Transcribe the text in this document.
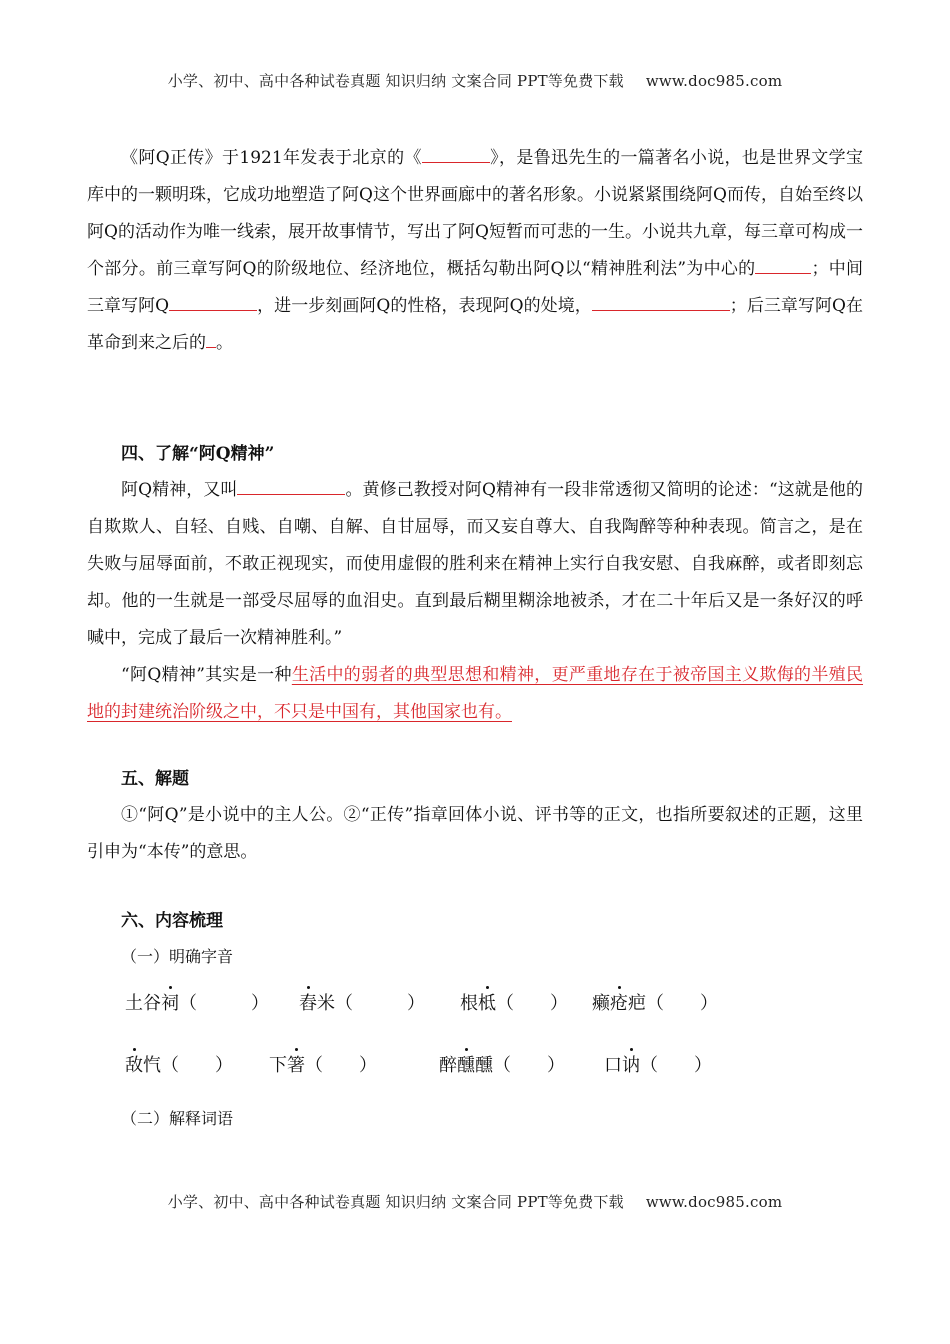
小学、初中、高中各种试卷真题 知识归纳 文案合同 PPT等免费下载 www.doc985.com

《阿Q正传》于1921年发表于北京的《	》，是鲁迅先生的一篇著名小说，也是世界文学宝库中的一颗明珠，它成功地塑造了阿Q这个世界画廊中的著名形象。小说紧紧围绕阿Q而传，自始至终以阿Q的活动作为唯一线索，展开故事情节，写出了阿Q短暂而可悲的一生。小说共九章，每三章可构成一个部分。前三章写阿Q的阶级地位、经济地位，概括勾勒出阿Q以“精神胜利法”为中心的	；中间三章写阿Q	，进一步刻画阿Q的性格，表现阿Q的处境，	；后三章写阿Q在革命到来之后的 。

四、了解“阿Q精神”

阿Q精神，又叫	。黄修己教授对阿Q精神有一段非常透彻又简明的论述：“这就是他的自欺欺人、自轻、自贱、自嘲、自解、自甘屈辱，而又妄自尊大、自我陶醉等种种表现。简言之，是在失败与屈辱面前，不敢正视现实，而使用虚假的胜利来在精神上实行自我安慰、自我麻醉，或者即刻忘却。他的一生就是一部受尽屈辱的血泪史。直到最后糊里糊涂地被杀，才在二十年后又是一条好汉的呼喊中，完成了最后一次精神胜利。”

“阿Q精神”其实是一种生活中的弱者的典型思想和精神，更严重地存在于被帝国主义欺侮的半殖民地的封建统治阶级之中，不只是中国有，其他国家也有。

五、解题

①“阿Q”是小说中的主人公。②“正传”指章回体小说、评书等的正文，也指所要叙述的正题，这里引申为“本传”的意思。

六、内容梳理
（一）明确字音
土谷祠（　　　） 舂米（　　　） 根柢（　　） 癞疮疤（　　）
敌忾（　　） 下箸（　　）	醉醺醺（　　） 口讷（　　）
（二）解释词语
小学、初中、高中各种试卷真题 知识归纳 文案合同 PPT等免费下载 www.doc985.com
